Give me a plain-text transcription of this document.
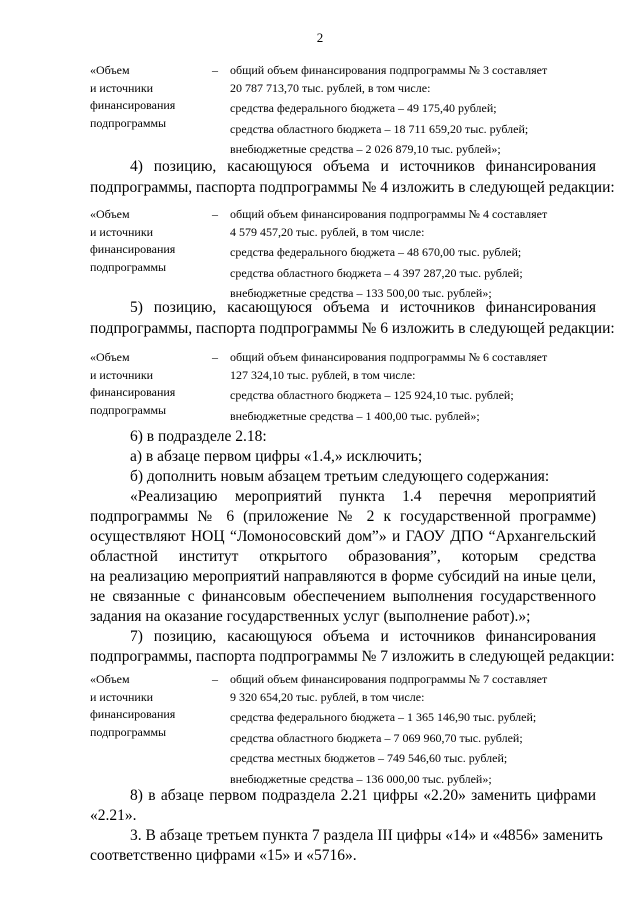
2
«Объем
и источники
финансирования
подпрограммы
– общий объем финансирования подпрограммы № 3 составляет
20 787 713,70 тыс. рублей, в том числе:
средства федерального бюджета – 49 175,40 рублей;
средства областного бюджета – 18 711 659,20 тыс. рублей;
внебюджетные средства – 2 026 879,10 тыс. рублей»;
4) позицию, касающуюся объема и источников финансирования
подпрограммы, паспорта подпрограммы № 4 изложить в следующей редакции:
«Объем
и источники
финансирования
подпрограммы
– общий объем финансирования подпрограммы № 4 составляет
4 579 457,20 тыс. рублей, в том числе:
средства федерального бюджета – 48 670,00 тыс. рублей;
средства областного бюджета – 4 397 287,20 тыс. рублей;
внебюджетные средства – 133 500,00 тыс. рублей»;
5) позицию, касающуюся объема и источников финансирования
подпрограммы, паспорта подпрограммы № 6 изложить в следующей редакции:
«Объем
и источники
финансирования
подпрограммы
– общий объем финансирования подпрограммы № 6 составляет
127 324,10 тыс. рублей, в том числе:
средства областного бюджета – 125 924,10 тыс. рублей;
внебюджетные средства – 1 400,00 тыс. рублей»;
6) в подразделе 2.18:
а) в абзаце первом цифры «1.4,» исключить;
б) дополнить новым абзацем третьим следующего содержания:
«Реализацию мероприятий пункта 1.4 перечня мероприятий
подпрограммы № 6 (приложение № 2 к государственной программе)
осуществляют НОЦ “Ломоносовский дом”» и ГАОУ ДПО “Архангельский
областной институт открытого образования”, которым средства
на реализацию мероприятий направляются в форме субсидий на иные цели,
не связанные с финансовым обеспечением выполнения государственного
задания на оказание государственных услуг (выполнение работ).»;
7) позицию, касающуюся объема и источников финансирования
подпрограммы, паспорта подпрограммы № 7 изложить в следующей редакции:
«Объем
и источники
финансирования
подпрограммы
– общий объем финансирования подпрограммы № 7 составляет
9 320 654,20 тыс. рублей, в том числе:
средства федерального бюджета – 1 365 146,90 тыс. рублей;
средства областного бюджета – 7 069 960,70 тыс. рублей;
средства местных бюджетов – 749 546,60 тыс. рублей;
внебюджетные средства – 136 000,00 тыс. рублей»;
8) в абзаце первом подраздела 2.21 цифры «2.20» заменить цифрами
«2.21».
3. В абзаце третьем пункта 7 раздела III цифры «14» и «4856» заменить
соответственно цифрами «15» и «5716».
